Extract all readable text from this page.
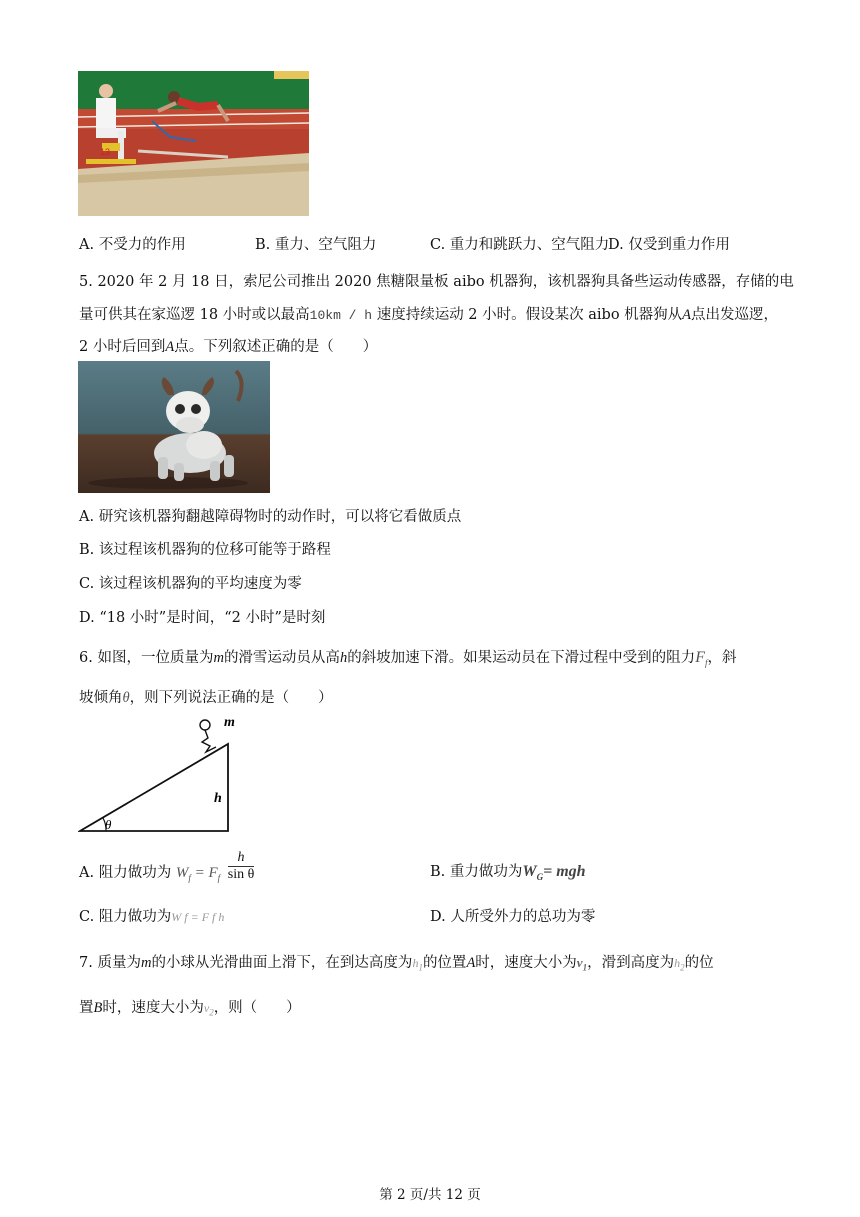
13
A. 不受力的作用	B. 重力、空气阻力	C. 重力和跳跃力、空气阻力
D. 仅受到重力作用
5. 2020 年 2 月 18 日，索尼公司推出 2020 焦糖限量板 aibo 机器狗，该机器狗具备些运动传感器，存储的电
量可供其在家巡逻 18 小时或以最高10km / h 速度持续运动 2 小时。假设某次 aibo 机器狗从A点出发巡逻，
2 小时后回到A点。下列叙述正确的是（　　）
A. 研究该机器狗翻越障碍物时的动作时，可以将它看做质点
B. 该过程该机器狗的位移可能等于路程
C. 该过程该机器狗的平均速度为零
D. “18 小时”是时间，“2 小时”是时刻
6. 如图，一位质量为m的滑雪运动员从高h的斜坡加速下滑。如果运动员在下滑过程中受到的阻力$F_f$，斜
坡倾角θ，则下列说法正确的是（　　）
m
h
θ
A. 阻力做功为 $W_f = F_f \frac{h}{\text{sin θ}}$	B. 重力做功为$W_G=$ mgh
C. 阻力做功为W f = F f h	D. 人所受外力的总功为零
7. 质量为m的小球从光滑曲面上滑下，在到达高度为$h_1$的位置A时，速度大小为$v_1$，滑到高度为$h_2$的位
置B时，速度大小为$v_2$，则（　　）
第 2 页/共 12 页
